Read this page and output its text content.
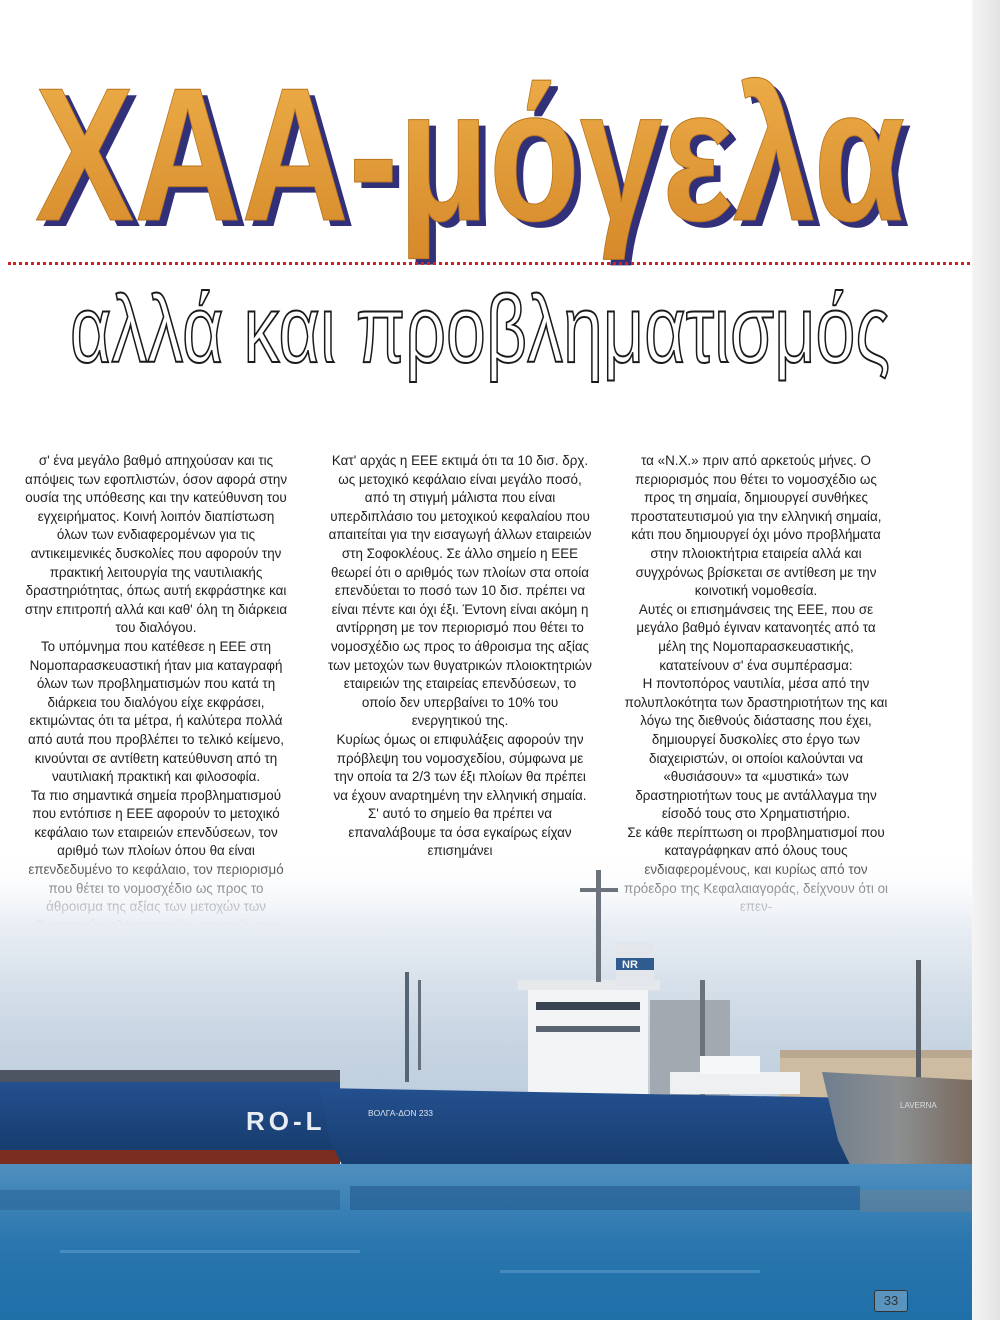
ΧΑΑ-μόγελα
ΧΑΑ-μόγελα
αλλά και προβληματισμός

σ' ένα μεγάλο βαθμό απηχούσαν και τις απόψεις των εφοπλιστών, όσον αφορά στην ουσία της υπόθεσης και την κατεύθυνση του εγχειρήματος. Κοινή λοιπόν διαπίστωση όλων των ενδιαφερομένων για τις αντικειμενικές δυσκολίες που αφορούν την πρακτική λειτουργία της ναυτιλιακής δραστηριότητας, όπως αυτή εκφράστηκε και στην επιτροπή αλλά και καθ' όλη τη διάρκεια του διαλόγου.

Το υπόμνημα που κατέθεσε η ΕΕΕ στη Νομοπαρασκευαστική ήταν μια καταγραφή όλων των προβληματισμών που κατά τη διάρκεια του διαλόγου είχε εκφράσει, εκτιμώντας ότι τα μέτρα, ή καλύτερα πολλά από αυτά που προβλέπει το τελικό κείμενο, κινούνται σε αντίθετη κατεύθυνση από τη ναυτιλιακή πρακτική και φιλοσοφία.

Τα πιο σημαντικά σημεία προβληματισμού που εντόπισε η ΕΕΕ αφορούν το μετοχικό κεφάλαιο των εταιρειών επενδύσεων, τον

Κατ' αρχάς η ΕΕΕ εκτιμά ότι τα 10 δισ. δρχ. ως μετοχικό κεφάλαιο είναι μεγάλο ποσό, από τη στιγμή μάλιστα που είναι υπερδιπλάσιο του μετοχικού κεφαλαίου που απαιτείται για την εισαγωγή άλλων εταιρειών στη Σοφοκλέους. Σε άλλο σημείο η ΕΕΕ θεωρεί ότι ο αριθμός των πλοίων στα οποία επενδύεται το ποσό των 10 δισ. πρέπει να είναι πέντε και όχι έξι. Έντονη είναι ακόμη η αντίρρηση με τον περιορισμό που θέτει το νομοσχέδιο ως προς το άθροισμα της αξίας των μετοχών των θυγατρικών πλοιοκτητριών εταιρειών της εταιρείας επενδύσεων, το οποίο δεν υπερβαίνει το 10% του ενεργητικού της.

Κυρίως όμως οι επιφυλάξεις αφορούν την πρόβλεψη του νομοσχεδίου, σύμφωνα με την οποία τα 2/3 των έξι πλοίων θα πρέπει να έχουν αναρτημένη την ελληνική σημαία.

Σ' αυτό το σημείο θα πρέπει να επαναλάβουμε τα όσα εγκαίρως είχαν

τα «Ν.Χ.» πριν από αρκετούς μήνες. Ο περιορισμός που θέτει το νομοσχέδιο ως προς τη σημαία, δημιουργεί συνθήκες προστατευτισμού για την ελληνική σημαία, κάτι που δημιουργεί όχι μόνο προβλήματα στην πλοιοκτήτρια εταιρεία αλλά και συγχρόνως βρίσκεται σε αντίθεση με την κοινοτική νομοθεσία.

Αυτές οι επισημάνσεις της ΕΕΕ, που σε μεγάλο βαθμό έγιναν κατανοητές από τα μέλη της Νομοπαρασκευαστικής, κατατείνουν σ' ένα συμπέρασμα:

Η ποντοπόρος ναυτιλία, μέσα από την πολυπλοκότητα των δραστηριοτήτων της και λόγω της διεθνούς διάστασης που έχει, δημιουργεί δυσκολίες στο έργο των διαχειριστών, οι οποίοι καλούνται να «θυσιάσουν» τα «μυστικά» των δραστηριοτήτων τους με αντάλλαγμα την είσοδό τους στο Χρηματιστήριο.

Σε κάθε περίπτωση οι προβληματισμοί που

RO-L
NR
ΒΟΛΓΑ-ΔΟΝ 233
LAVERNA
33
